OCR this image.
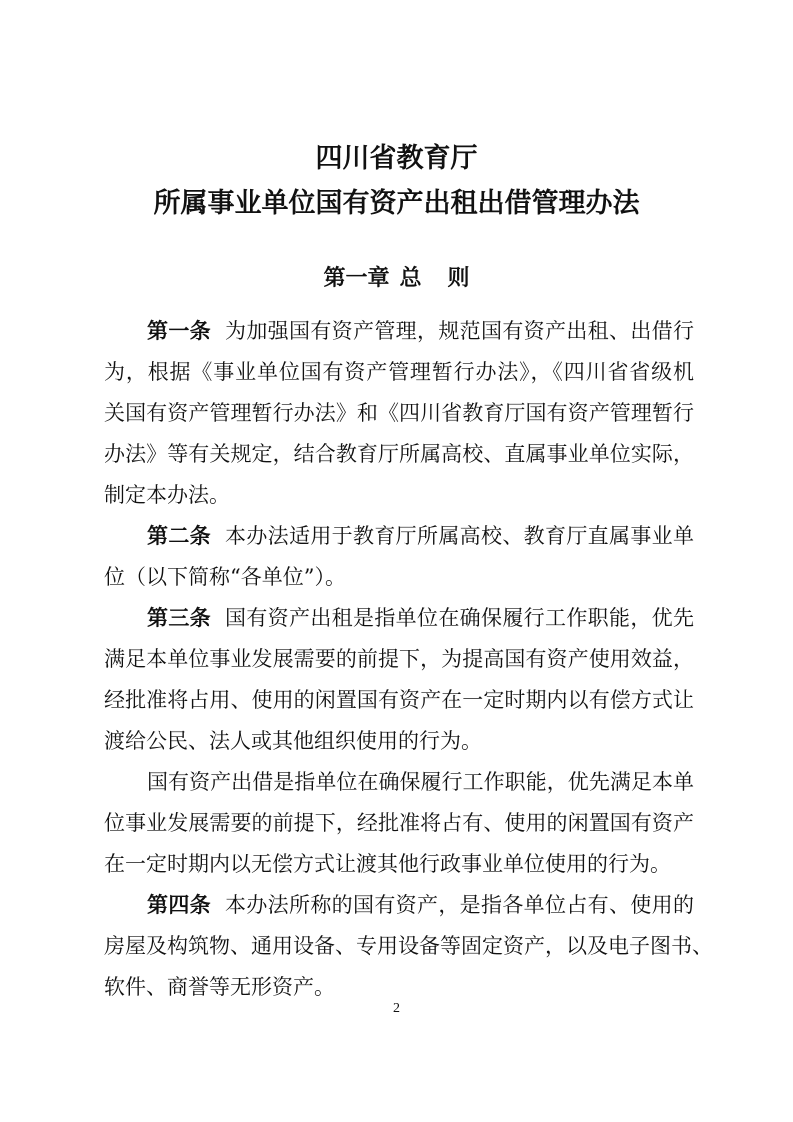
四川省教育厅
所属事业单位国有资产出租出借管理办法
第一章 总 则
第一条 为加强国有资产管理，规范国有资产出租、出借行
为，根据《事业单位国有资产管理暂行办法》，《四川省省级机
关国有资产管理暂行办法》和《四川省教育厅国有资产管理暂行
办法》等有关规定，结合教育厅所属高校、直属事业单位实际，
制定本办法。
第二条 本办法适用于教育厅所属高校、教育厅直属事业单
位（以下简称“各单位”）。
第三条 国有资产出租是指单位在确保履行工作职能，优先
满足本单位事业发展需要的前提下，为提高国有资产使用效益，
经批准将占用、使用的闲置国有资产在一定时期内以有偿方式让
渡给公民、法人或其他组织使用的行为。
国有资产出借是指单位在确保履行工作职能，优先满足本单
位事业发展需要的前提下，经批准将占有、使用的闲置国有资产
在一定时期内以无偿方式让渡其他行政事业单位使用的行为。
第四条 本办法所称的国有资产，是指各单位占有、使用的
房屋及构筑物、通用设备、专用设备等固定资产，以及电子图书、
软件、商誉等无形资产。
2
